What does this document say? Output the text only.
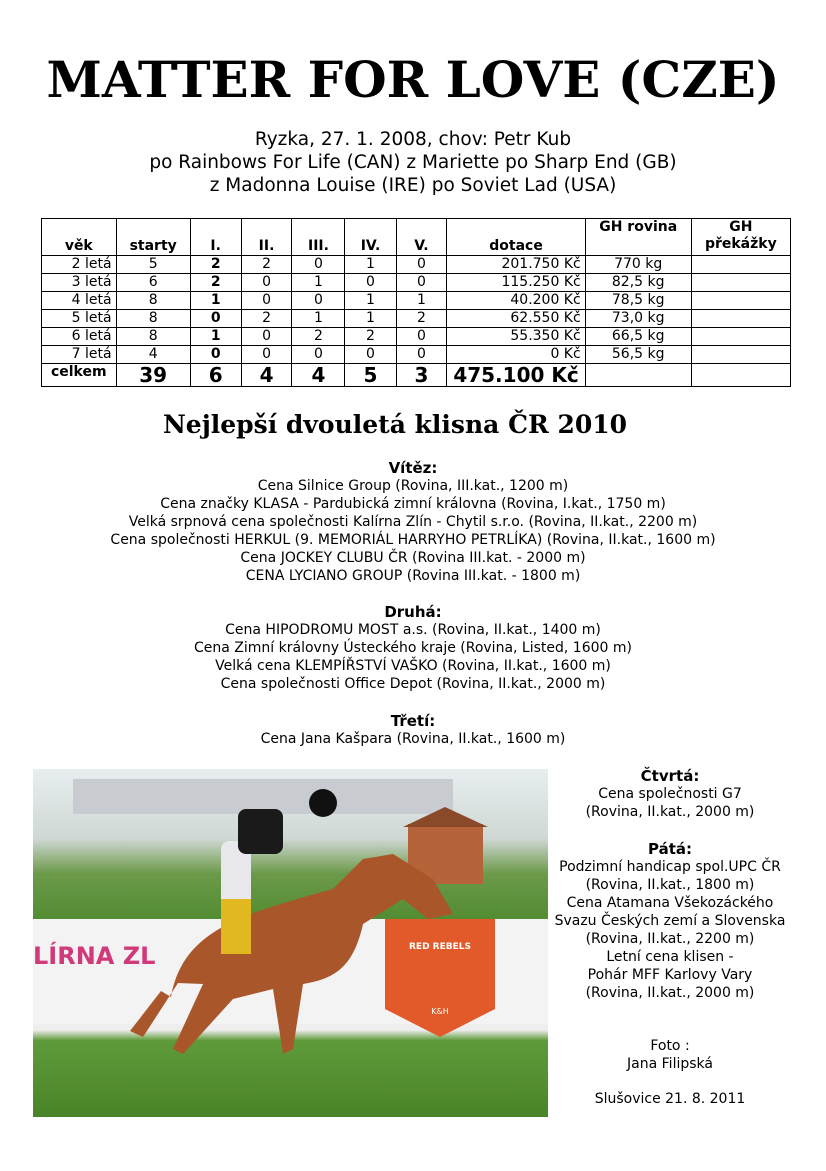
MATTER FOR LOVE (CZE)
Ryzka, 27. 1. 2008, chov: Petr Kub
po Rainbows For Life (CAN) z Mariette po Sharp End (GB)
z Madonna Louise (IRE) po Soviet Lad (USA)
věk	starty	I.	II.	III.	IV.	V.	dotace	GH rovina	GH překážky
2 letá	5	2	2	0	1	0	201.750 Kč	770 kg	
3 letá	6	2	0	1	0	0	115.250 Kč	82,5 kg	
4 letá	8	1	0	0	1	1	40.200 Kč	78,5 kg	
5 letá	8	0	2	1	1	2	62.550 Kč	73,0 kg	
6 letá	8	1	0	2	2	0	55.350 Kč	66,5 kg	
7 letá	4	0	0	0	0	0	0 Kč	56,5 kg	
celkem	39	6	4	4	5	3	475.100 Kč		
Nejlepší dvouletá klisna ČR 2010
Vítěz:
Cena Silnice Group (Rovina, III.kat., 1200 m)
Cena značky KLASA - Pardubická zimní královna (Rovina, I.kat., 1750 m)
Velká srpnová cena společnosti Kalírna Zlín - Chytil s.r.o. (Rovina, II.kat., 2200 m)
Cena společnosti HERKUL (9. MEMORIÁL HARRYHO PETRLÍKA) (Rovina, II.kat., 1600 m)
Cena JOCKEY CLUBU ČR (Rovina III.kat. - 2000 m)
CENA LYCIANO GROUP (Rovina III.kat. - 1800 m)
Druhá:
Cena HIPODROMU MOST a.s. (Rovina, II.kat., 1400 m)
Cena Zimní královny Ústeckého kraje (Rovina, Listed, 1600 m)
Velká cena KLEMPÍŘSTVÍ VAŠKO (Rovina, II.kat., 1600 m)
Cena společnosti Office Depot (Rovina, II.kat., 2000 m)
Třetí:
Cena Jana Kašpara (Rovina, II.kat., 1600 m)
RED REBELS
K&H
LÍRNA ZL
Čtvrtá:
Cena společnosti G7
(Rovina, II.kat., 2000 m)
Pátá:
Podzimní handicap spol.UPC ČR
(Rovina, II.kat., 1800 m)
Cena Atamana Všekozáckého
Svazu Českých zemí a Slovenska
(Rovina, II.kat., 2200 m)
Letní cena klisen -
Pohár MFF Karlovy Vary
(Rovina, II.kat., 2000 m)
Foto :
Jana Filipská
Slušovice 21. 8. 2011
